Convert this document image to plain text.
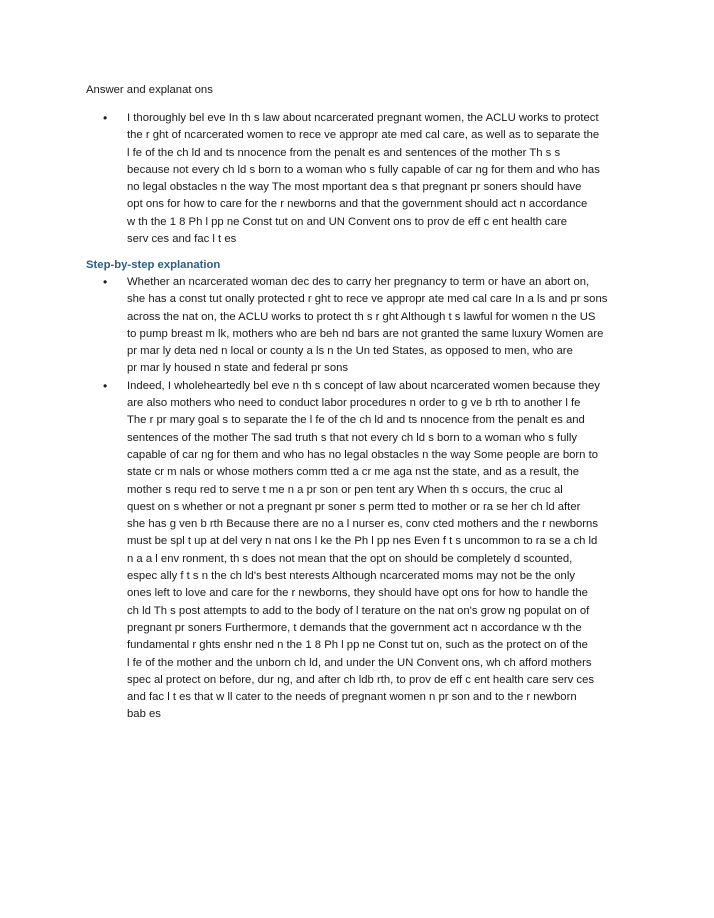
Answer and explanat ons
• I thoroughly bel eve In th s law about ncarcerated pregnant women, the ACLU works to protect
the r ght of ncarcerated women to rece ve appropr ate med cal care, as well as to separate the
l fe of the ch ld and ts nnocence from the penalt es and sentences of the mother Th s s
because not every ch ld s born to a woman who s fully capable of car ng for them and who has
no legal obstacles n the way The most mportant dea s that pregnant pr soners should have
opt ons for how to care for the r newborns and that the government should act n accordance
w th the 1 8 Ph l pp ne Const tut on and UN Convent ons to prov de eff c ent health care
serv ces and fac l t es

Step-by-step explanation
• Whether an ncarcerated woman dec des to carry her pregnancy to term or have an abort on,
she has a const tut onally protected r ght to rece ve appropr ate med cal care In a ls and pr sons
across the nat on, the ACLU works to protect th s r ght Although t s lawful for women n the US
to pump breast m lk, mothers who are beh nd bars are not granted the same luxury Women are
pr mar ly deta ned n local or county a ls n the Un ted States, as opposed to men, who are
pr mar ly housed n state and federal pr sons

• Indeed, I wholeheartedly bel eve n th s concept of law about ncarcerated women because they
are also mothers who need to conduct labor procedures n order to g ve b rth to another l fe
The r pr mary goal s to separate the l fe of the ch ld and ts nnocence from the penalt es and
sentences of the mother The sad truth s that not every ch ld s born to a woman who s fully
capable of car ng for them and who has no legal obstacles n the way Some people are born to
state cr m nals or whose mothers comm tted a cr me aga nst the state, and as a result, the
mother s requ red to serve t me n a pr son or pen tent ary When th s occurs, the cruc al
quest on s whether or not a pregnant pr soner s perm tted to mother or ra se her ch ld after
she has g ven b rth Because there are no a l nurser es, conv cted mothers and the r newborns
must be spl t up at del very n nat ons l ke the Ph l pp nes Even f t s uncommon to ra se a ch ld
n a a l env ronment, th s does not mean that the opt on should be completely d scounted,
espec ally f t s n the ch ld's best nterests Although ncarcerated moms may not be the only
ones left to love and care for the r newborns, they should have opt ons for how to handle the
ch ld Th s post attempts to add to the body of l terature on the nat on's grow ng populat on of
pregnant pr soners Furthermore, t demands that the government act n accordance w th the
fundamental r ghts enshr ned n the 1 8 Ph l pp ne Const tut on, such as the protect on of the
l fe of the mother and the unborn ch ld, and under the UN Convent ons, wh ch afford mothers
spec al protect on before, dur ng, and after ch ldb rth, to prov de eff c ent health care serv ces
and fac l t es that w ll cater to the needs of pregnant women n pr son and to the r newborn
bab es
